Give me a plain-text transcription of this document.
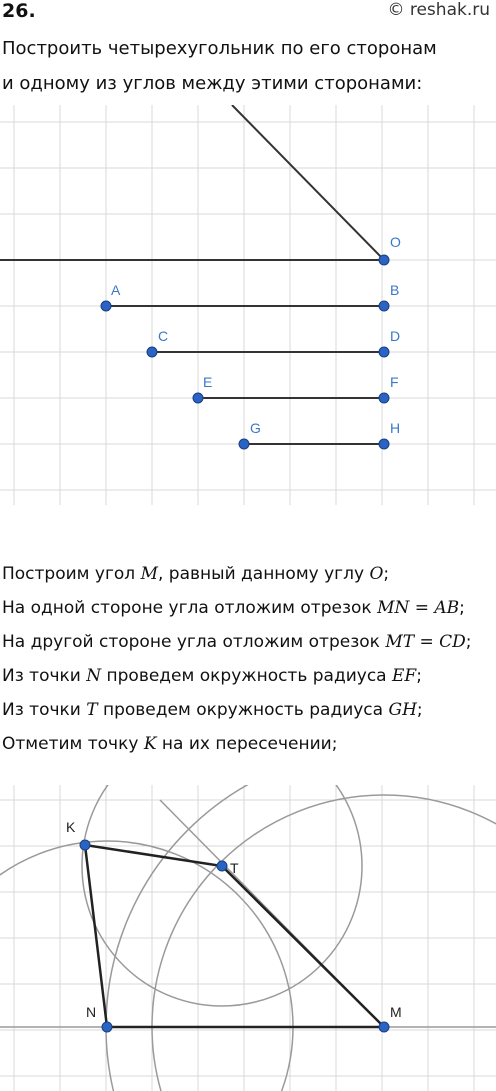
26.	© reshak.ru
Построить четырехугольник по его сторонам
и одному из углов между этими сторонами:
O
A	B
C	D
E	F
G	H
Построим угол M, равный данному углу O;
На одной стороне угла отложим отрезок MN = AB;
На другой стороне угла отложим отрезок MT = CD;
Из точки N проведем окружность радиуса EF;
Из точки T проведем окружность радиуса GH;
Отметим точку K на их пересечении;
K
T
N	M
